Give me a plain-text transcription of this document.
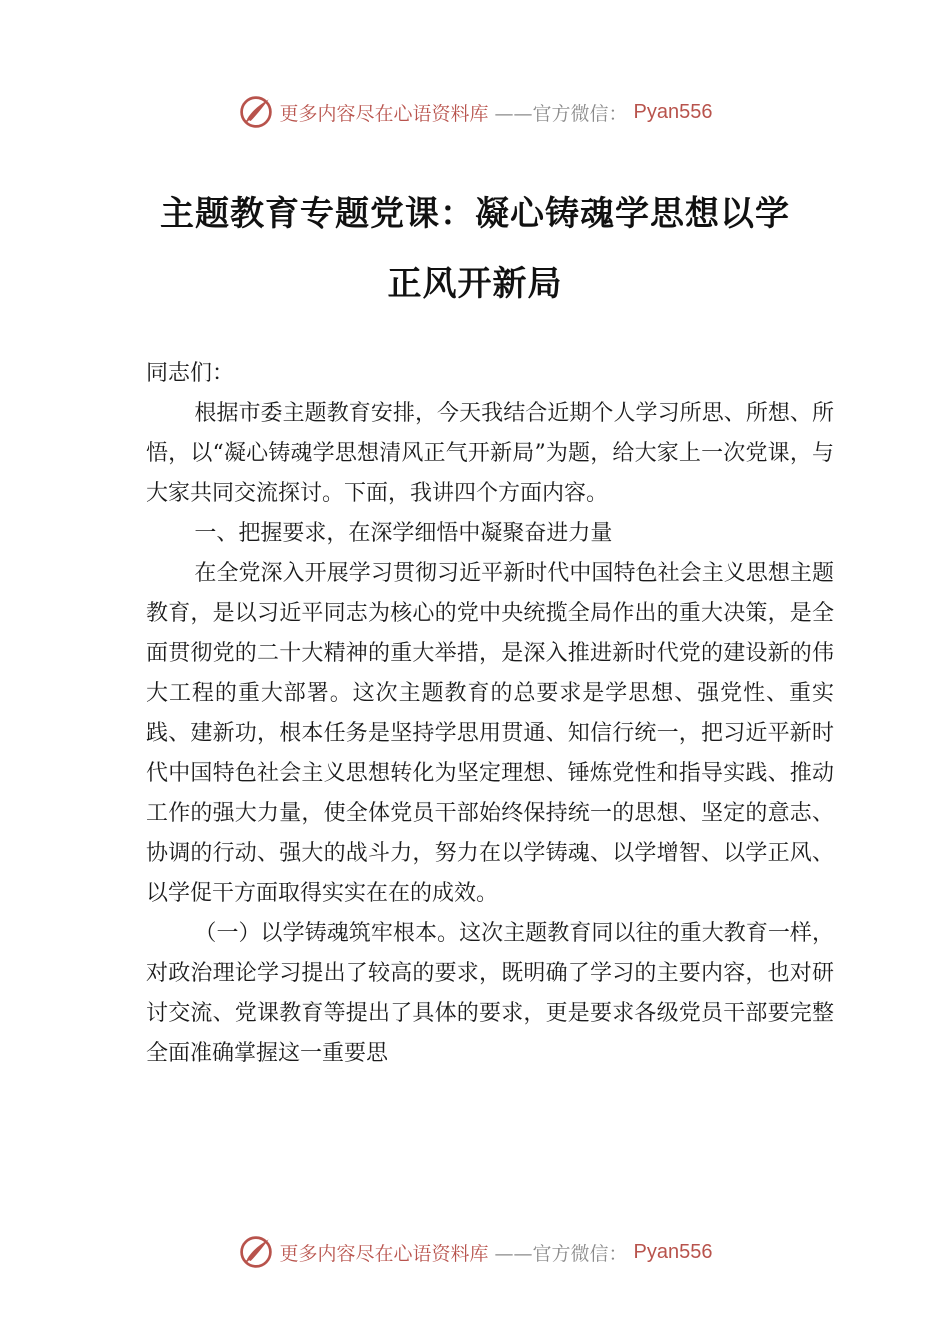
更多内容尽在心语资料库 ——官方微信： Pyan556
主题教育专题党课：凝心铸魂学思想以学
正风开新局

同志们：

根据市委主题教育安排，今天我结合近期个人学习所思、所想、所悟，以“凝心铸魂学思想清风正气开新局”为题，给大家上一次党课，与大家共同交流探讨。下面，我讲四个方面内容。

一、把握要求，在深学细悟中凝聚奋进力量

在全党深入开展学习贯彻习近平新时代中国特色社会主义思想主题教育，是以习近平同志为核心的党中央统揽全局作出的重大决策，是全面贯彻党的二十大精神的重大举措，是深入推进新时代党的建设新的伟大工程的重大部署。这次主题教育的总要求是学思想、强党性、重实践、建新功，根本任务是坚持学思用贯通、知信行统一，把习近平新时代中国特色社会主义思想转化为坚定理想、锤炼党性和指导实践、推动工作的强大力量，使全体党员干部始终保持统一的思想、坚定的意志、协调的行动、强大的战斗力，努力在以学铸魂、以学增智、以学正风、以学促干方面取得实实在在的成效。

（一）以学铸魂筑牢根本。这次主题教育同以往的重大教育一样，对政治理论学习提出了较高的要求，既明确了学习的主要内容，也对研讨交流、党课教育等提出了具体的要求，更是要求各级党员干部要完整全面准确掌握这一重要思

更多内容尽在心语资料库 ——官方微信： Pyan556
